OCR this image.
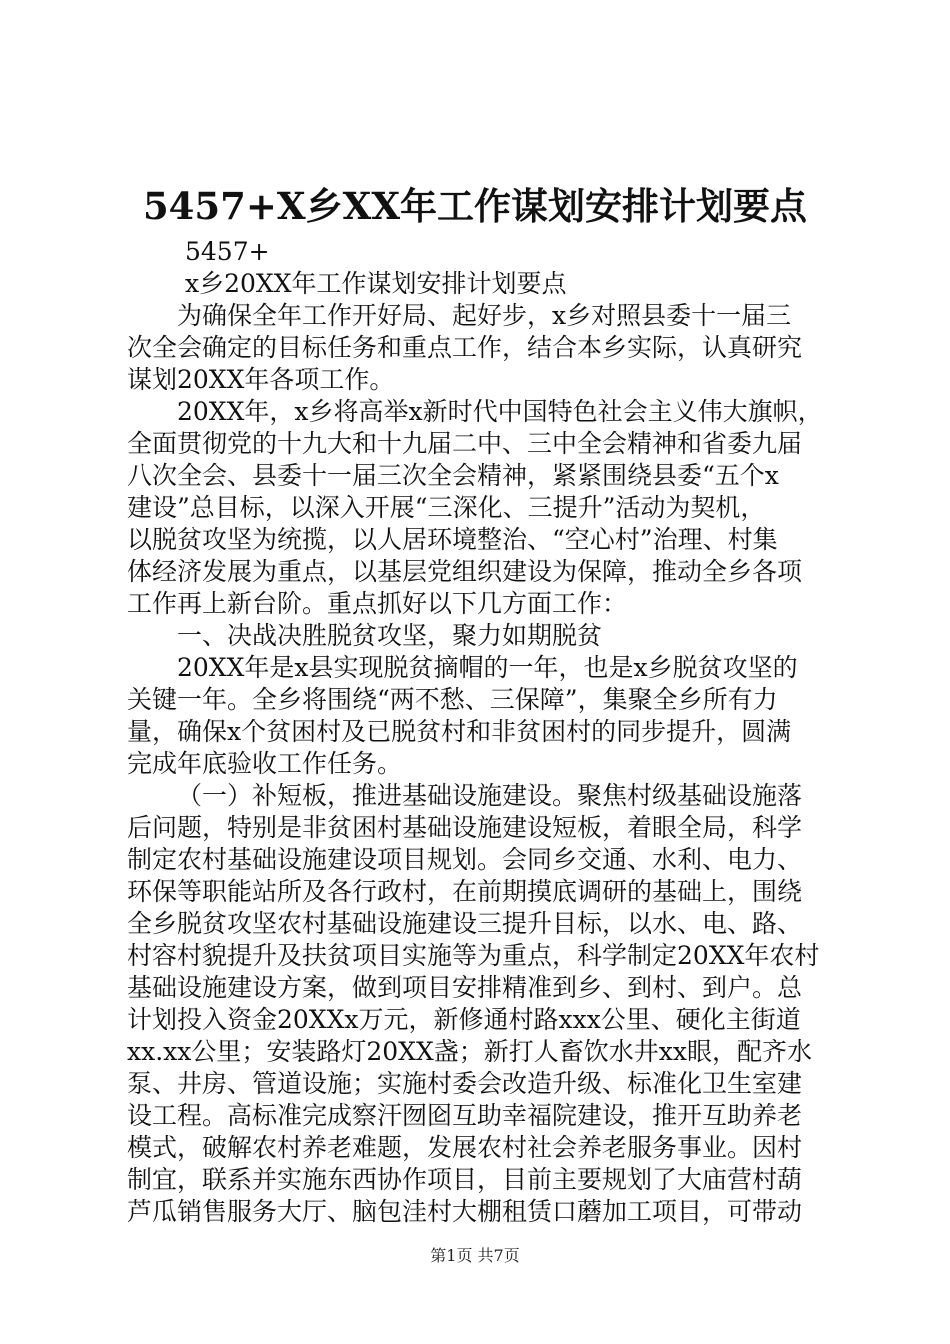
5457+X乡XX年工作谋划安排计划要点
5457+
x乡20XX年工作谋划安排计划要点
为确保全年工作开好局、起好步，x乡对照县委十一届三
次全会确定的目标任务和重点工作，结合本乡实际，认真研究
谋划20XX年各项工作。
20XX年，x乡将高举x新时代中国特色社会主义伟大旗帜，
全面贯彻党的十九大和十九届二中、三中全会精神和省委九届
八次全会、县委十一届三次全会精神，紧紧围绕县委“五个x
建设”总目标，以深入开展“三深化、三提升”活动为契机，
以脱贫攻坚为统揽，以人居环境整治、“空心村”治理、村集
体经济发展为重点，以基层党组织建设为保障，推动全乡各项
工作再上新台阶。重点抓好以下几方面工作：
一、决战决胜脱贫攻坚，聚力如期脱贫
20XX年是x县实现脱贫摘帽的一年，也是x乡脱贫攻坚的
关键一年。全乡将围绕“两不愁、三保障”，集聚全乡所有力
量，确保x个贫困村及已脱贫村和非贫困村的同步提升，圆满
完成年底验收工作任务。
（一）补短板，推进基础设施建设。聚焦村级基础设施落
后问题，特别是非贫困村基础设施建设短板，着眼全局，科学
制定农村基础设施建设项目规划。会同乡交通、水利、电力、
环保等职能站所及各行政村，在前期摸底调研的基础上，围绕
全乡脱贫攻坚农村基础设施建设三提升目标，以水、电、路、
村容村貌提升及扶贫项目实施等为重点，科学制定20XX年农村
基础设施建设方案，做到项目安排精准到乡、到村、到户。总
计划投入资金20XXx万元，新修通村路xxx公里、硬化主街道
xx.xx公里；安装路灯20XX盏；新打人畜饮水井xx眼，配齐水
泵、井房、管道设施；实施村委会改造升级、标准化卫生室建
设工程。高标准完成察汗囫囵互助幸福院建设，推开互助养老
模式，破解农村养老难题，发展农村社会养老服务事业。因村
制宜，联系并实施东西协作项目，目前主要规划了大庙营村葫
芦瓜销售服务大厅、脑包洼村大棚租赁口蘑加工项目，可带动
第1页 共7页
